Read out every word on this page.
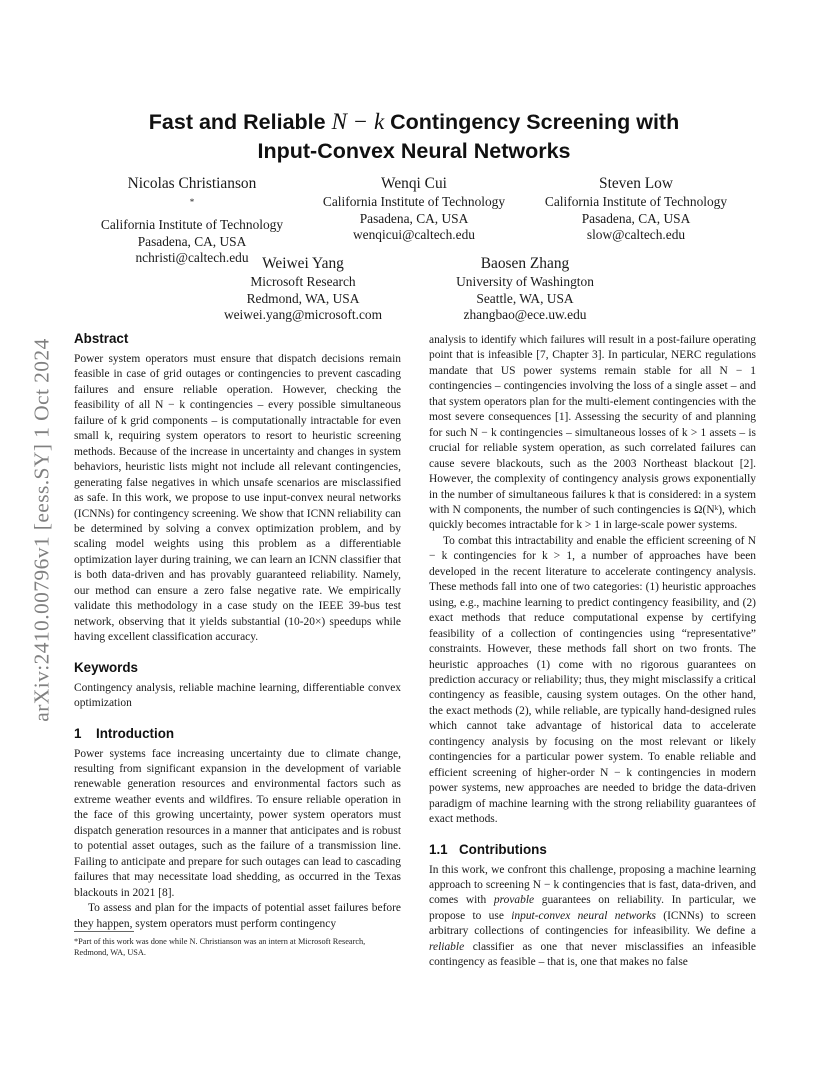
arXiv:2410.00796v1 [eess.SY] 1 Oct 2024
Fast and Reliable N − k Contingency Screening with
Input-Convex Neural Networks
Nicolas Christianson
*
California Institute of Technology
Pasadena, CA, USA
nchristi@caltech.edu
Wenqi Cui
California Institute of Technology
Pasadena, CA, USA
wenqicui@caltech.edu
Steven Low
California Institute of Technology
Pasadena, CA, USA
slow@caltech.edu
Weiwei Yang
Microsoft Research
Redmond, WA, USA
weiwei.yang@microsoft.com
Baosen Zhang
University of Washington
Seattle, WA, USA
zhangbao@ece.uw.edu
Abstract

Power system operators must ensure that dispatch decisions remain feasible in case of grid outages or contingencies to prevent cascading failures and ensure reliable operation. However, checking the feasibility of all N − k contingencies – every possible simultaneous failure of k grid components – is computationally intractable for even small k, requiring system operators to resort to heuristic screening methods. Because of the increase in uncertainty and changes in system behaviors, heuristic lists might not include all relevant contingencies, generating false negatives in which unsafe scenarios are misclassified as safe. In this work, we propose to use input-convex neural networks (ICNNs) for contingency screening. We show that ICNN reliability can be determined by solving a convex optimization problem, and by scaling model weights using this problem as a differentiable optimization layer during training, we can learn an ICNN classifier that is both data-driven and has provably guaranteed reliability. Namely, our method can ensure a zero false negative rate. We empirically validate this methodology in a case study on the IEEE 39-bus test network, observing that it yields substantial (10-20×) speedups while having excellent classification accuracy.

Keywords

Contingency analysis, reliable machine learning, differentiable convex optimization

1 Introduction

Power systems face increasing uncertainty due to climate change, resulting from significant expansion in the development of variable renewable generation resources and environmental factors such as extreme weather events and wildfires. To ensure reliable operation in the face of this growing uncertainty, power system operators must dispatch generation resources in a manner that anticipates and is robust to potential asset outages, such as the failure of a transmission line. Failing to anticipate and prepare for such outages can lead to cascading failures that may necessitate load shedding, as occurred in the Texas blackouts in 2021 [8].

To assess and plan for the impacts of potential asset failures before they happen, system operators must perform contingency

*Part of this work was done while N. Christianson was an intern at Microsoft Research, Redmond, WA, USA.

analysis to identify which failures will result in a post-failure operating point that is infeasible [7, Chapter 3]. In particular, NERC regulations mandate that US power systems remain stable for all N − 1 contingencies – contingencies involving the loss of a single asset – and that system operators plan for the multi-element contingencies with the most severe consequences [1]. Assessing the security of and planning for such N − k contingencies – simultaneous losses of k > 1 assets – is crucial for reliable system operation, as such correlated failures can cause severe blackouts, such as the 2003 Northeast blackout [2]. However, the complexity of contingency analysis grows exponentially in the number of simultaneous failures k that is considered: in a system with N components, the number of such contingencies is Ω(Nᵏ), which quickly becomes intractable for k > 1 in large-scale power systems.

To combat this intractability and enable the efficient screening of N − k contingencies for k > 1, a number of approaches have been developed in the recent literature to accelerate contingency analysis. These methods fall into one of two categories: (1) heuristic approaches using, e.g., machine learning to predict contingency feasibility, and (2) exact methods that reduce computational expense by certifying feasibility of a collection of contingencies using “representative” constraints. However, these methods fall short on two fronts. The heuristic approaches (1) come with no rigorous guarantees on prediction accuracy or reliability; thus, they might misclassify a critical contingency as feasible, causing system outages. On the other hand, the exact methods (2), while reliable, are typically hand-designed rules which cannot take advantage of historical data to accelerate contingency analysis by focusing on the most relevant or likely contingencies for a particular power system. To enable reliable and efficient screening of higher-order N − k contingencies in modern power systems, new approaches are needed to bridge the data-driven paradigm of machine learning with the strong reliability guarantees of exact methods.

1.1 Contributions

In this work, we confront this challenge, proposing a machine learning approach to screening N − k contingencies that is fast, data-driven, and comes with provable guarantees on reliability. In particular, we propose to use input-convex neural networks (ICNNs) to screen arbitrary collections of contingencies for infeasibility. We define a reliable classifier as one that never misclassifies an infeasible contingency as feasible – that is, one that makes no false
